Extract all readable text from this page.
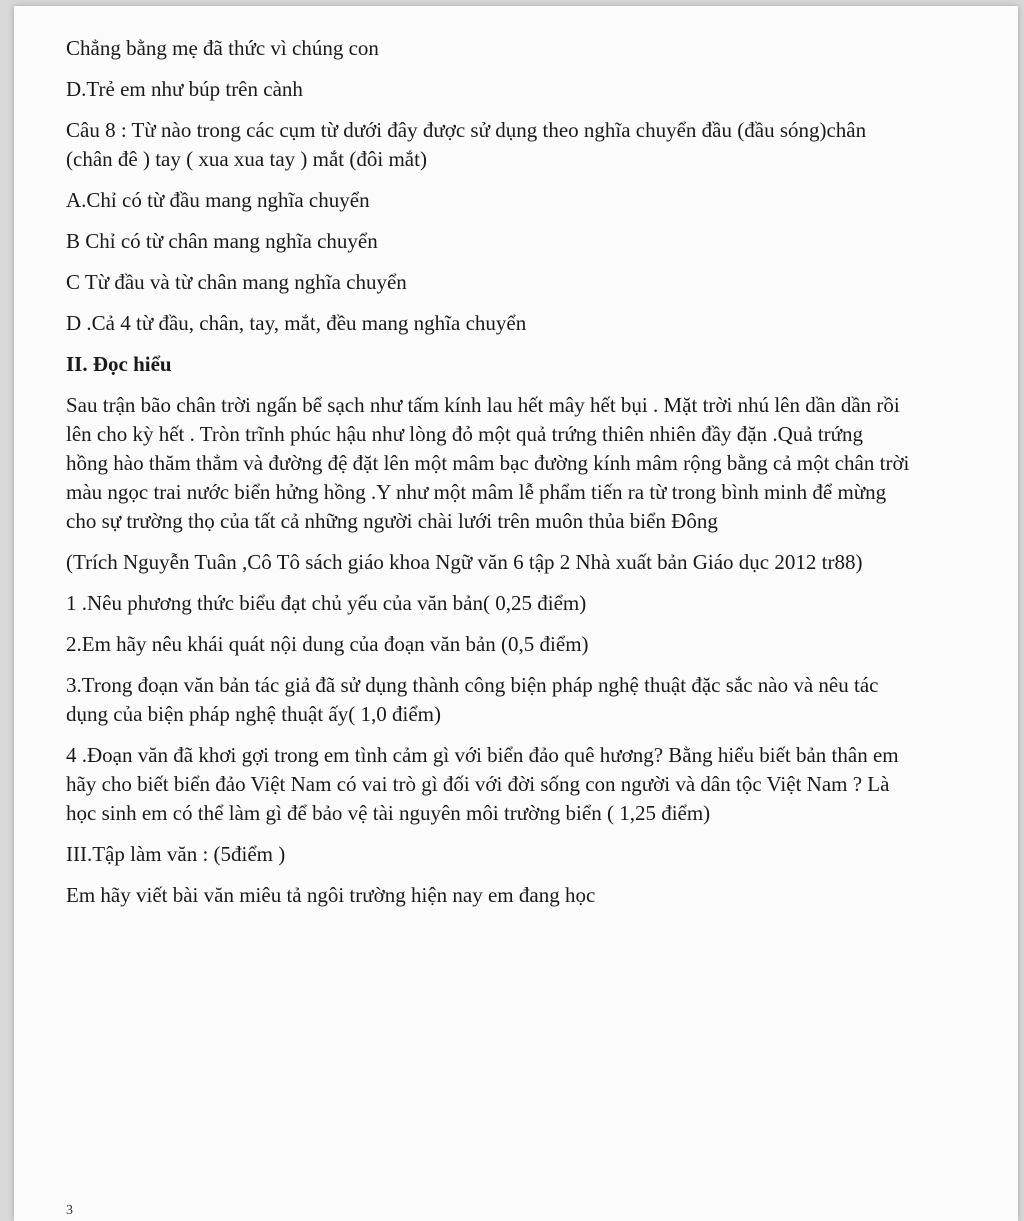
Chẳng bằng mẹ đã thức vì chúng con
D.Trẻ em như búp trên cành
Câu 8 : Từ nào trong các cụm từ dưới đây được sử dụng theo nghĩa chuyển đầu (đầu sóng)chân
(chân đê ) tay ( xua xua tay ) mắt (đôi mắt)
A.Chỉ có từ đầu mang nghĩa chuyển
B Chỉ có từ chân mang nghĩa chuyển
C Từ đầu và từ chân mang nghĩa chuyển
D .Cả 4 từ đầu, chân, tay, mắt, đều mang nghĩa chuyển
II. Đọc hiểu
Sau trận bão chân trời ngấn bể sạch như tấm kính lau hết mây hết bụi . Mặt trời nhú lên dần dần rồi
lên cho kỳ hết . Tròn trĩnh phúc hậu như lòng đỏ một quả trứng thiên nhiên đầy đặn .Quả trứng
hồng hào thăm thẳm và đường đệ đặt lên một mâm bạc đường kính mâm rộng bằng cả một chân trời
màu ngọc trai nước biển hửng hồng .Y như một mâm lễ phẩm tiến ra từ trong bình minh để mừng
cho sự trường thọ của tất cả những người chài lưới trên muôn thủa biển Đông
(Trích Nguyễn Tuân ,Cô Tô sách giáo khoa Ngữ văn 6 tập 2 Nhà xuất bản Giáo dục 2012 tr88)
1 .Nêu phương thức biểu đạt chủ yếu của văn bản( 0,25 điểm)
2.Em hãy nêu khái quát nội dung của đoạn văn bản (0,5 điểm)
3.Trong đoạn văn bản tác giả đã sử dụng thành công biện pháp nghệ thuật đặc sắc nào và nêu tác
dụng của biện pháp nghệ thuật ấy( 1,0 điểm)
4 .Đoạn văn đã khơi gợi trong em tình cảm gì với biển đảo quê hương? Bằng hiểu biết bản thân em
hãy cho biết biển đảo Việt Nam có vai trò gì đối với đời sống con người và dân tộc Việt Nam ? Là
học sinh em có thể làm gì để bảo vệ tài nguyên môi trường biển ( 1,25 điểm)
III.Tập làm văn : (5điểm )
Em hãy viết bài văn miêu tả ngôi trường hiện nay em đang học
3
